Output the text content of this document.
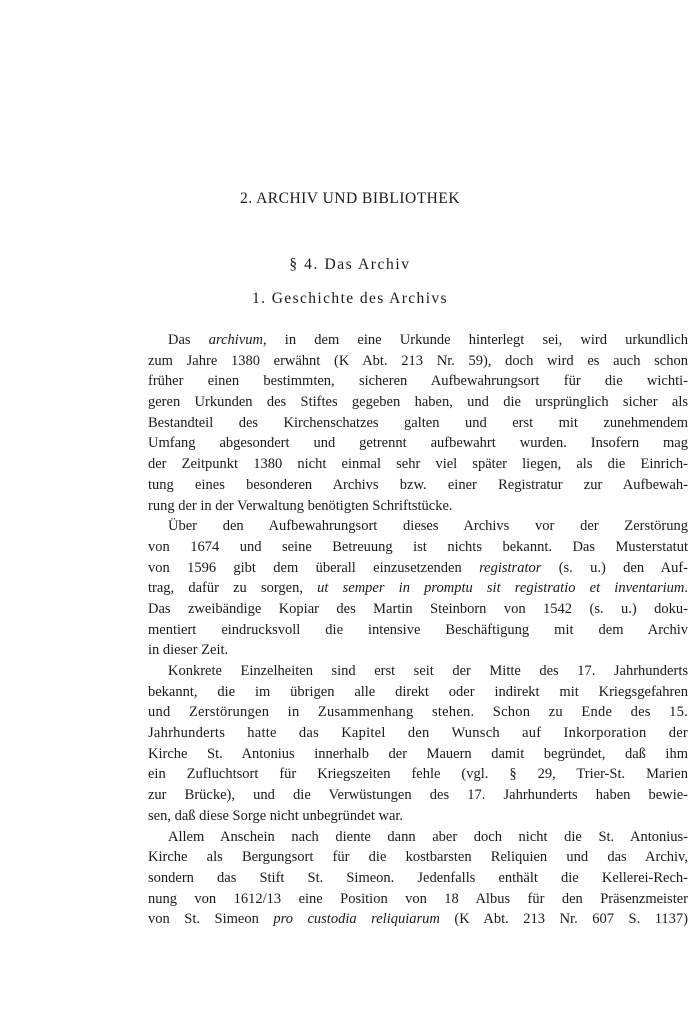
2. ARCHIV UND BIBLIOTHEK
§ 4. Das Archiv
1. Geschichte des Archivs
Das archivum, in dem eine Urkunde hinterlegt sei, wird urkundlich
zum Jahre 1380 erwähnt (K Abt. 213 Nr. 59), doch wird es auch schon
früher einen bestimmten, sicheren Aufbewahrungsort für die wichti-
geren Urkunden des Stiftes gegeben haben, und die ursprünglich sicher als
Bestandteil des Kirchenschatzes galten und erst mit zunehmendem
Umfang abgesondert und getrennt aufbewahrt wurden. Insofern mag
der Zeitpunkt 1380 nicht einmal sehr viel später liegen, als die Einrich-
tung eines besonderen Archivs bzw. einer Registratur zur Aufbewah-
rung der in der Verwaltung benötigten Schriftstücke.
Über den Aufbewahrungsort dieses Archivs vor der Zerstörung
von 1674 und seine Betreuung ist nichts bekannt. Das Musterstatut
von 1596 gibt dem überall einzusetzenden registrator (s. u.) den Auf-
trag, dafür zu sorgen, ut semper in promptu sit registratio et inventarium.
Das zweibändige Kopiar des Martin Steinborn von 1542 (s. u.) doku-
mentiert eindrucksvoll die intensive Beschäftigung mit dem Archiv
in dieser Zeit.
Konkrete Einzelheiten sind erst seit der Mitte des 17. Jahrhunderts
bekannt, die im übrigen alle direkt oder indirekt mit Kriegsgefahren
und Zerstörungen in Zusammenhang stehen. Schon zu Ende des 15.
Jahrhunderts hatte das Kapitel den Wunsch auf Inkorporation der
Kirche St. Antonius innerhalb der Mauern damit begründet, daß ihm
ein Zufluchtsort für Kriegszeiten fehle (vgl. § 29, Trier-St. Marien
zur Brücke), und die Verwüstungen des 17. Jahrhunderts haben bewie-
sen, daß diese Sorge nicht unbegründet war.
Allem Anschein nach diente dann aber doch nicht die St. Antonius-
Kirche als Bergungsort für die kostbarsten Reliquien und das Archiv,
sondern das Stift St. Simeon. Jedenfalls enthält die Kellerei-Rech-
nung von 1612/13 eine Position von 18 Albus für den Präsenzmeister
von St. Simeon pro custodia reliquiarum (K Abt. 213 Nr. 607 S. 1137)
